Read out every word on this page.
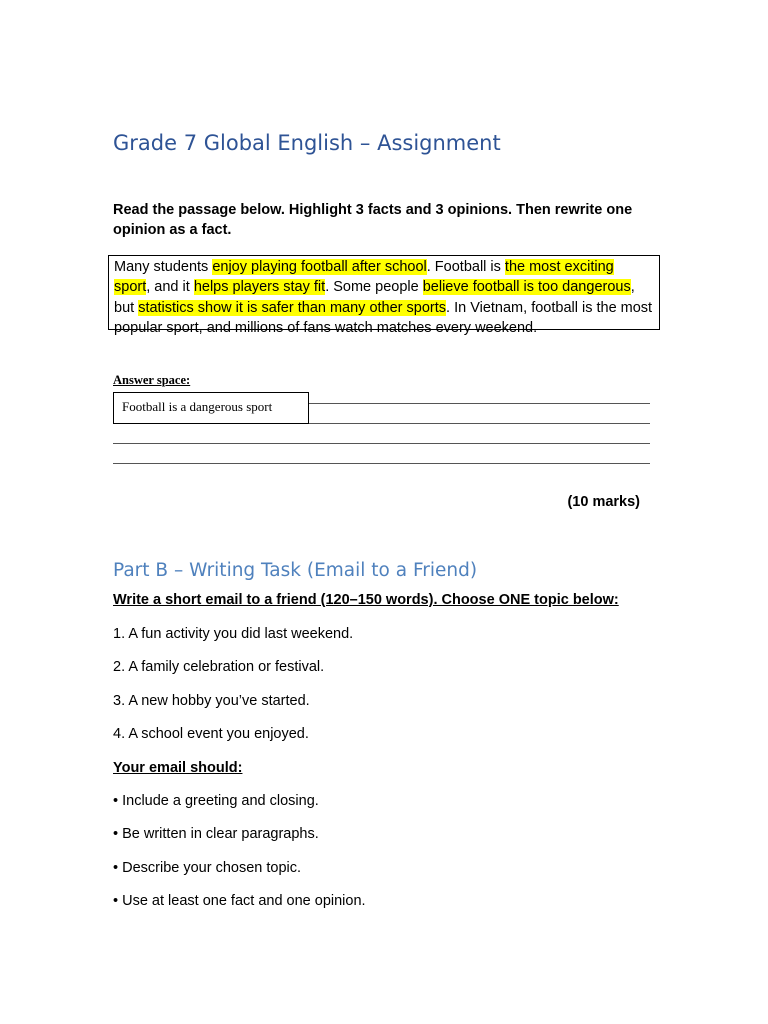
Grade 7 Global English – Assignment
Read the passage below. Highlight 3 facts and 3 opinions. Then rewrite one opinion as a fact.
Many students enjoy playing football after school. Football is the most exciting sport, and it helps players stay fit. Some people believe football is too dangerous, but statistics show it is safer than many other sports. In Vietnam, football is the most popular sport, and millions of fans watch matches every weekend.
Answer space:
Football is a dangerous sport
(10 marks)
Part B – Writing Task (Email to a Friend)
Write a short email to a friend (120–150 words). Choose ONE topic below:
1. A fun activity you did last weekend.
2. A family celebration or festival.
3. A new hobby you’ve started.
4. A school event you enjoyed.
Your email should:
• Include a greeting and closing.
• Be written in clear paragraphs.
• Describe your chosen topic.
• Use at least one fact and one opinion.
